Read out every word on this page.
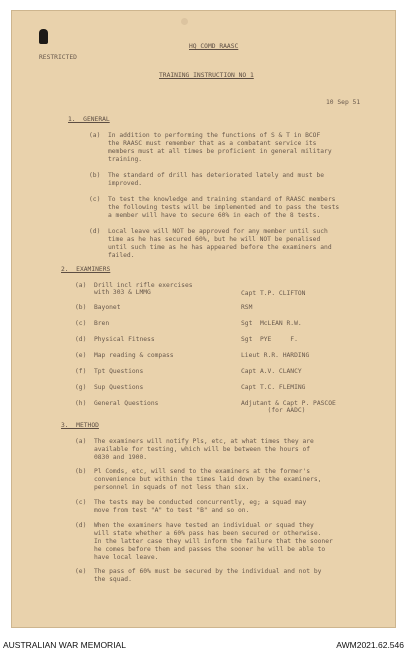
HQ COMD RAASC
RESTRICTED
TRAINING INSTRUCTION NO 1
10 Sep 51
1.  GENERAL
(a)  In addition to performing the functions of S & T in BCOF
the RAASC must remember that as a combatant service its
members must at all times be proficient in general military
training.
(b)  The standard of drill has deteriorated lately and must be
improved.
(c)  To test the knowledge and training standard of RAASC members
the following tests will be implemented and to pass the tests
a member will have to secure 60% in each of the 8 tests.
(d)  Local leave will NOT be approved for any member until such
time as he has secured 60%, but he will NOT be penalised
until such time as he has appeared before the examiners and
failed.
2.  EXAMINERS
(a)  Drill incl rifle exercises
with 303 & LMMG	Capt T.P. CLIFTON
(b)  Bayonet	RSM
(c)  Bren	Sgt  McLEAN R.W.
(d)  Physical Fitness	Sgt  PYE     F.
(e)  Map reading & compass	Lieut R.R. HARDING
(f)  Tpt Questions	Capt A.V. CLANCY
(g)  Sup Questions	Capt T.C. FLEMING
(h)  General Questions	Adjutant & Capt P. PASCOE
(for AADC)
3.  METHOD
(a)  The examiners will notify Pls, etc, at what times they are
available for testing, which will be between the hours of
0830 and 1900.
(b)  Pl Comds, etc, will send to the examiners at the former's
convenience but within the times laid down by the examiners,
personnel in squads of not less than six.
(c)  The tests may be conducted concurrently, eg; a squad may
move from test "A" to test "B" and so on.
(d)  When the examiners have tested an individual or squad they
will state whether a 60% pass has been secured or otherwise.
In the latter case they will inform the failure that the sooner
he comes before them and passes the sooner he will be able to
have local leave.
(e)  The pass of 60% must be secured by the individual and not by
the squad.
AUSTRALIAN WAR MEMORIAL	AWM2021.62.546
